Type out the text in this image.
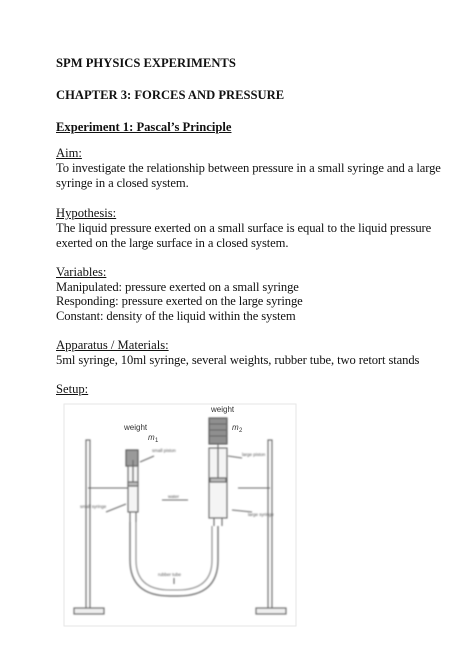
SPM PHYSICS EXPERIMENTS
CHAPTER 3: FORCES AND PRESSURE
Experiment 1: Pascal’s Principle
Aim:
To investigate the relationship between pressure in a small syringe and a large
syringe in a closed system.
Hypothesis:
The liquid pressure exerted on a small surface is equal to the liquid pressure
exerted on the large surface in a closed system.
Variables:
Manipulated: pressure exerted on a small syringe
Responding: pressure exerted on the large syringe
Constant: density of the liquid within the system
Apparatus / Materials:
5ml syringe, 10ml syringe, several weights, rubber tube, two retort stands
Setup:
weight
m 1
weight
m 2
small piston
large piston
water
small syringe
large syringe
rubber tube
